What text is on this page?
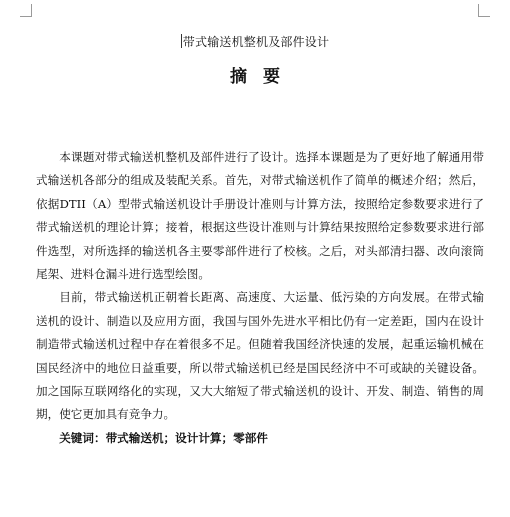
带式输送机整机及部件设计
摘要

本课题对带式输送机整机及部件进行了设计。选择本课题是为了更好地了解通用带式输送机各部分的组成及装配关系。首先，对带式输送机作了简单的概述介绍；然后，依据DTII（A）型带式输送机设计手册设计准则与计算方法，按照给定参数要求进行了带式输送机的理论计算；接着，根据这些设计准则与计算结果按照给定参数要求进行部件选型，对所选择的输送机各主要零部件进行了校核。之后，对头部清扫器、改向滚筒尾架、进料仓漏斗进行选型绘图。

目前，带式输送机正朝着长距离、高速度、大运量、低污染的方向发展。在带式输送机的设计、制造以及应用方面，我国与国外先进水平相比仍有一定差距，国内在设计制造带式输送机过程中存在着很多不足。但随着我国经济快速的发展，起重运输机械在国民经济中的地位日益重要，所以带式输送机已经是国民经济中不可或缺的关键设备。加之国际互联网络化的实现，又大大缩短了带式输送机的设计、开发、制造、销售的周期，使它更加具有竞争力。

关键词：带式输送机；设计计算；零部件
